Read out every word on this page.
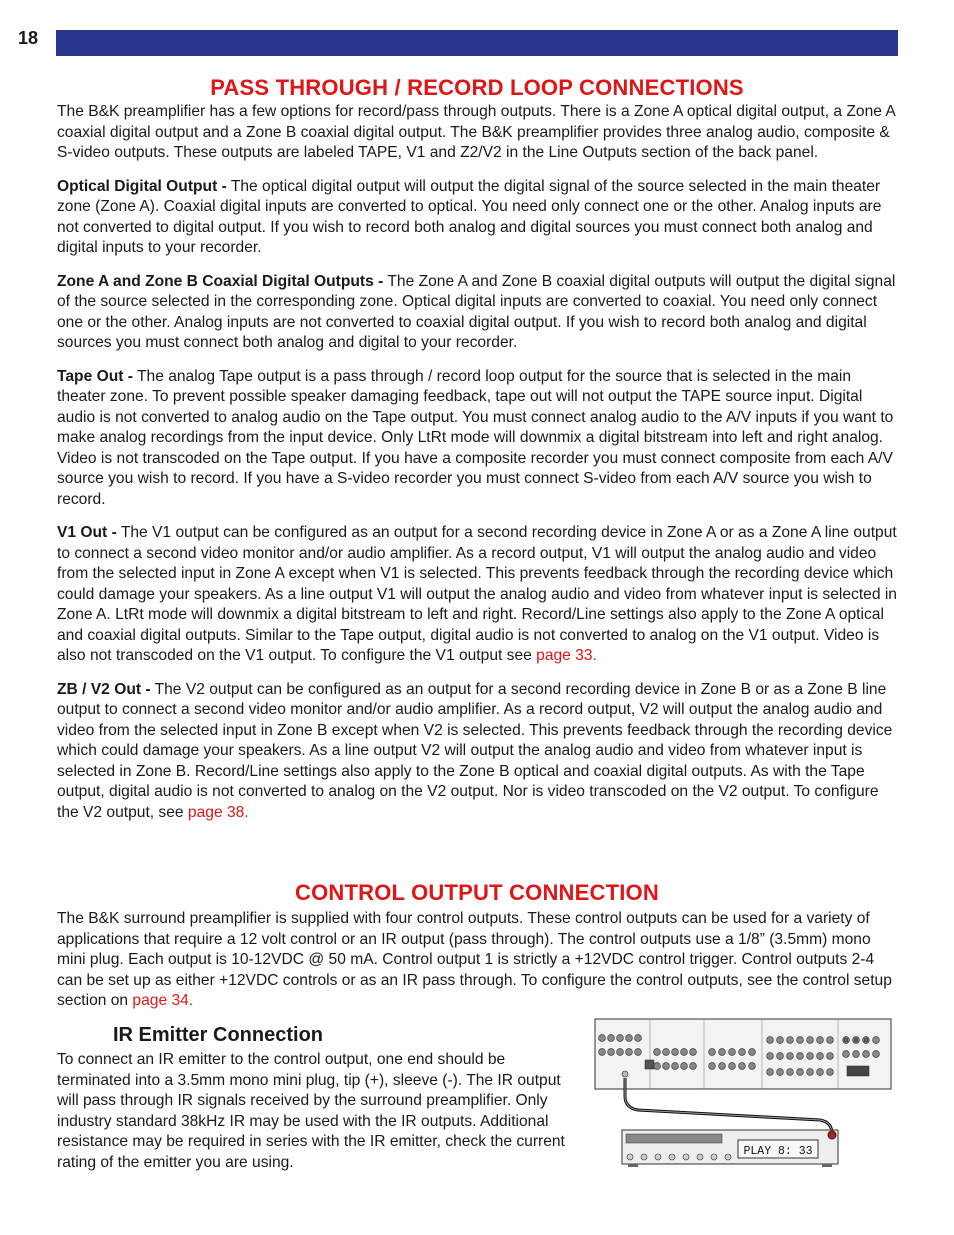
18
PASS THROUGH / RECORD LOOP CONNECTIONS

The B&K preamplifier has a few options for record/pass through outputs. There is a Zone A optical digital output, a Zone A coaxial digital output and a Zone B coaxial digital output. The B&K preamplifier provides three analog audio, composite & S-video outputs. These outputs are labeled TAPE, V1 and Z2/V2 in the Line Outputs section of the back panel.

Optical Digital Output - The optical digital output will output the digital signal of the source selected in the main theater zone (Zone A). Coaxial digital inputs are converted to optical. You need only connect one or the other. Analog inputs are not converted to digital output. If you wish to record both analog and digital sources you must connect both analog and digital inputs to your recorder.

Zone A and Zone B Coaxial Digital Outputs - The Zone A and Zone B coaxial digital outputs will output the digital signal of the source selected in the corresponding zone. Optical digital inputs are converted to coaxial. You need only connect one or the other. Analog inputs are not converted to coaxial digital output. If you wish to record both analog and digital sources you must connect both analog and digital to your recorder.

Tape Out - The analog Tape output is a pass through / record loop output for the source that is selected in the main theater zone. To prevent possible speaker damaging feedback, tape out will not output the TAPE source input. Digital audio is not converted to analog audio on the Tape output. You must connect analog audio to the A/V inputs if you want to make analog recordings from the input device. Only LtRt mode will downmix a digital bitstream into left and right analog. Video is not transcoded on the Tape output. If you have a composite recorder you must connect composite from each A/V source you wish to record. If you have a S-video recorder you must connect S-video from each A/V source you wish to record.

V1 Out - The V1 output can be configured as an output for a second recording device in Zone A or as a Zone A line output to connect a second video monitor and/or audio amplifier. As a record output, V1 will output the analog audio and video from the selected input in Zone A except when V1 is selected. This prevents feedback through the recording device which could damage your speakers. As a line output V1 will output the analog audio and video from whatever input is selected in Zone A. LtRt mode will downmix a digital bitstream to left and right. Record/Line settings also apply to the Zone A optical and coaxial digital outputs. Similar to the Tape output, digital audio is not converted to analog on the V1 output. Video is also not transcoded on the V1 output. To configure the V1 output see page 33.

ZB / V2 Out - The V2 output can be configured as an output for a second recording device in Zone B or as a Zone B line output to connect a second video monitor and/or audio amplifier. As a record output, V2 will output the analog audio and video from the selected input in Zone B except when V2 is selected. This prevents feedback through the recording device which could damage your speakers. As a line output V2 will output the analog audio and video from whatever input is selected in Zone B. Record/Line settings also apply to the Zone B optical and coaxial digital outputs. As with the Tape output, digital audio is not converted to analog on the V2 output. Nor is video transcoded on the V2 output. To configure the V2 output, see page 38.

CONTROL OUTPUT CONNECTION

The B&K surround preamplifier is supplied with four control outputs. These control outputs can be used for a variety of applications that require a 12 volt control or an IR output (pass through). The control outputs use a 1/8” (3.5mm) mono mini plug. Each output is 10-12VDC @ 50 mA. Control output 1 is strictly a +12VDC control trigger. Control outputs 2-4 can be set up as either +12VDC controls or as an IR pass through. To configure the control outputs, see the control setup section on page 34.

IR Emitter Connection

To connect an IR emitter to the control output, one end should be terminated into a 3.5mm mono mini plug, tip (+), sleeve (-). The IR output will pass through IR signals received by the surround preamplifier. Only industry standard 38kHz IR may be used with the IR outputs. Additional resistance may be required in series with the IR emitter, check the current rating of the emitter you are using.

PLAY 8: 33
